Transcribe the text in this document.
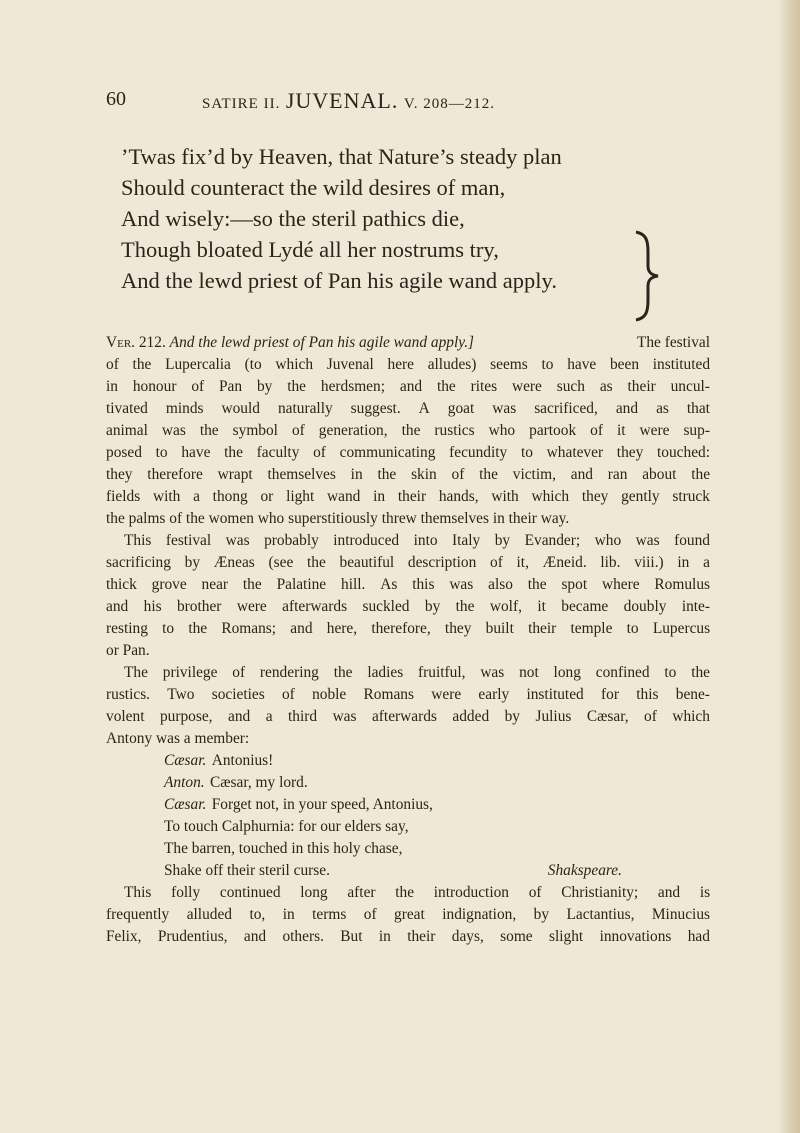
60	SATIRE II. JUVENAL. V. 208—212.
’Twas fix’d by Heaven, that Nature’s steady plan
Should counteract the wild desires of man,
And wisely:—so the steril pathics die,
Though bloated Lydé all her nostrums try,
And the lewd priest of Pan his agile wand apply.
Ver. 212. And the lewd priest of Pan his agile wand apply.]	The festival
of the Lupercalia (to which Juvenal here alludes) seems to have been instituted
in honour of Pan by the herdsmen; and the rites were such as their uncul-
tivated minds would naturally suggest. A goat was sacrificed, and as that
animal was the symbol of generation, the rustics who partook of it were sup-
posed to have the faculty of communicating fecundity to whatever they touched:
they therefore wrapt themselves in the skin of the victim, and ran about the
fields with a thong or light wand in their hands, with which they gently struck
the palms of the women who superstitiously threw themselves in their way.
This festival was probably introduced into Italy by Evander; who was found
sacrificing by Æneas (see the beautiful description of it, Æneid. lib. viii.) in a
thick grove near the Palatine hill. As this was also the spot where Romulus
and his brother were afterwards suckled by the wolf, it became doubly inte-
resting to the Romans; and here, therefore, they built their temple to Lupercus
or Pan.
The privilege of rendering the ladies fruitful, was not long confined to the
rustics. Two societies of noble Romans were early instituted for this bene-
volent purpose, and a third was afterwards added by Julius Cæsar, of which
Antony was a member:
Cæsar. Antonius!
Anton. Cæsar, my lord.
Cæsar. Forget not, in your speed, Antonius,
To touch Calphurnia: for our elders say,
The barren, touched in this holy chase,
Shake off their steril curse.	Shakspeare.
This folly continued long after the introduction of Christianity; and is
frequently alluded to, in terms of great indignation, by Lactantius, Minucius
Felix, Prudentius, and others. But in their days, some slight innovations had
